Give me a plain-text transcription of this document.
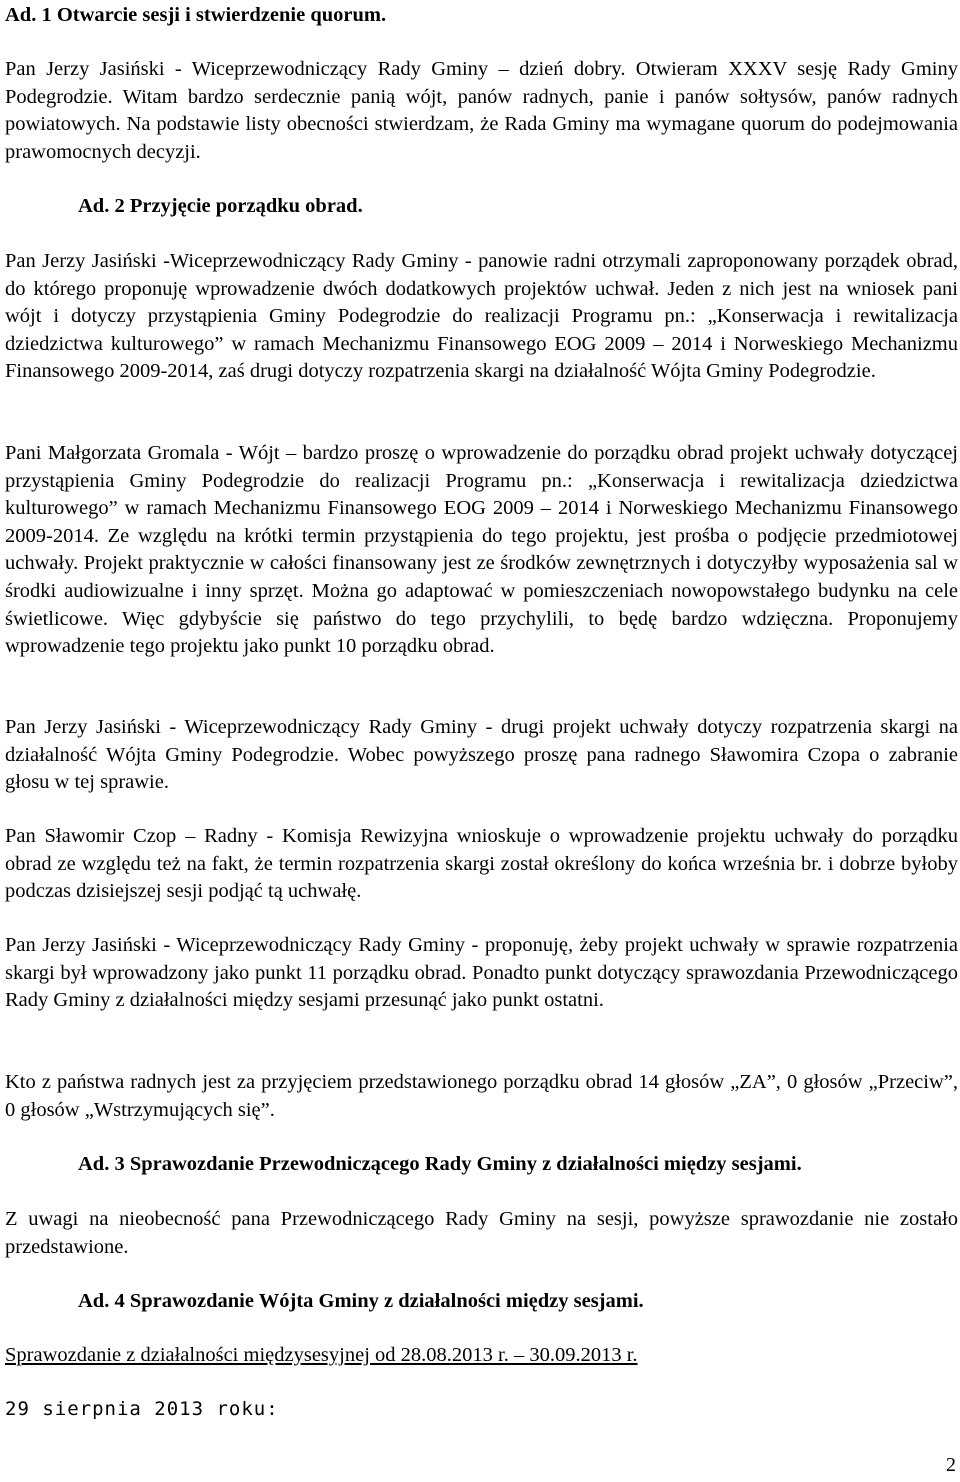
Ad. 1 Otwarcie sesji i stwierdzenie quorum.
Pan Jerzy Jasiński - Wiceprzewodniczący Rady Gminy – dzień dobry. Otwieram XXXV sesję Rady Gminy Podegrodzie. Witam bardzo serdecznie panią wójt, panów radnych, panie i panów sołtysów, panów radnych powiatowych. Na podstawie listy obecności stwierdzam, że Rada Gminy ma wymagane quorum do podejmowania prawomocnych decyzji.
Ad. 2 Przyjęcie porządku obrad.
Pan Jerzy Jasiński -Wiceprzewodniczący Rady Gminy - panowie radni otrzymali zaproponowany porządek obrad, do którego proponuję wprowadzenie dwóch dodatkowych projektów uchwał. Jeden z nich jest na wniosek pani wójt i dotyczy przystąpienia Gminy Podegrodzie do realizacji Programu pn.: „Konserwacja i rewitalizacja dziedzictwa kulturowego” w ramach Mechanizmu Finansowego EOG 2009 – 2014 i Norweskiego Mechanizmu Finansowego 2009-2014, zaś drugi dotyczy rozpatrzenia skargi na działalność Wójta Gminy Podegrodzie.
Pani Małgorzata Gromala - Wójt – bardzo proszę o wprowadzenie do porządku obrad projekt uchwały dotyczącej przystąpienia Gminy Podegrodzie do realizacji Programu pn.: „Konserwacja i rewitalizacja dziedzictwa kulturowego” w ramach Mechanizmu Finansowego EOG 2009 – 2014 i Norweskiego Mechanizmu Finansowego 2009-2014. Ze względu na krótki termin przystąpienia do tego projektu, jest prośba o podjęcie przedmiotowej uchwały. Projekt praktycznie w całości finansowany jest ze środków zewnętrznych i dotyczyłby wyposażenia sal w środki audiowizualne i inny sprzęt. Można go adaptować w pomieszczeniach nowopowstałego budynku na cele świetlicowe. Więc gdybyście się państwo do tego przychylili, to będę bardzo wdzięczna. Proponujemy wprowadzenie tego projektu jako punkt 10 porządku obrad.
Pan Jerzy Jasiński - Wiceprzewodniczący Rady Gminy - drugi projekt uchwały dotyczy rozpatrzenia skargi na działalność Wójta Gminy Podegrodzie. Wobec powyższego proszę pana radnego Sławomira Czopa o zabranie głosu w tej sprawie.
Pan Sławomir Czop – Radny - Komisja Rewizyjna wnioskuje o wprowadzenie projektu uchwały do porządku obrad ze względu też na fakt, że termin rozpatrzenia skargi został określony do końca września br. i dobrze byłoby podczas dzisiejszej sesji podjąć tą uchwałę.
Pan Jerzy Jasiński - Wiceprzewodniczący Rady Gminy - proponuję, żeby projekt uchwały w sprawie rozpatrzenia skargi był wprowadzony jako punkt 11 porządku obrad. Ponadto punkt dotyczący sprawozdania Przewodniczącego Rady Gminy z działalności między sesjami przesunąć jako punkt ostatni.
Kto z państwa radnych jest za przyjęciem przedstawionego porządku obrad 14 głosów „ZA”, 0 głosów „Przeciw”, 0 głosów „Wstrzymujących się”.
Ad. 3 Sprawozdanie Przewodniczącego Rady Gminy z działalności między sesjami.
Z uwagi na nieobecność pana Przewodniczącego Rady Gminy na sesji, powyższe sprawozdanie nie zostało przedstawione.
Ad. 4 Sprawozdanie Wójta Gminy z działalności między sesjami.
Sprawozdanie z działalności międzysesyjnej od 28.08.2013 r. – 30.09.2013 r.
29 sierpnia 2013 roku:
2
